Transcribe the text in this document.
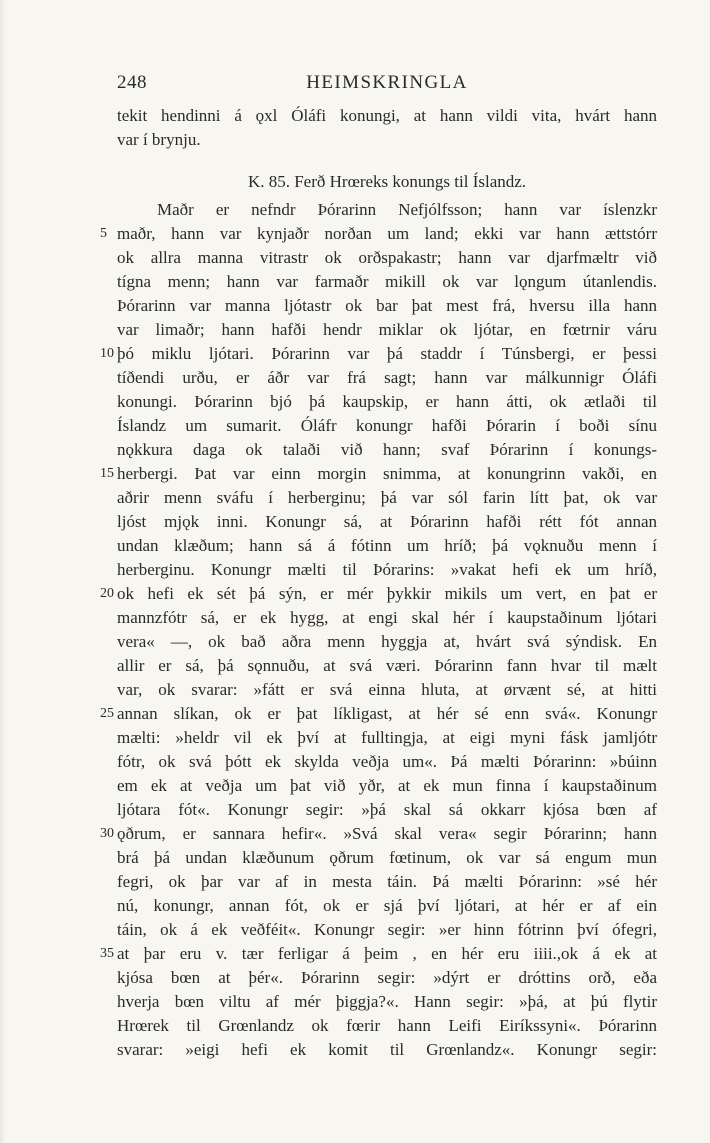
248	HEIMSKRINGLA
tekit hendinni á ǫxl Óláfi konungi, at hann vildi vita, hvárt hann
var í brynju.
K. 85. Ferð Hrœreks konungs til Íslandz.
Maðr er nefndr Þórarinn Nefjólfsson; hann var íslenzkr
maðr, hann var kynjaðr norðan um land; ekki var hann ættstórr
ok allra manna vitrastr ok orðspakastr; hann var djarfmæltr við
tígna menn; hann var farmaðr mikill ok var lǫngum útanlendis.
Þórarinn var manna ljótastr ok bar þat mest frá, hversu illa hann
var limaðr; hann hafði hendr miklar ok ljótar, en fœtrnir váru
þó miklu ljótari. Þórarinn var þá staddr í Túnsbergi, er þessi
tíðendi urðu, er áðr var frá sagt; hann var málkunnigr Óláfi
konungi. Þórarinn bjó þá kaupskip, er hann átti, ok ætlaði til
Íslandz um sumarit. Óláfr konungr hafði Þórarin í boði sínu
nǫkkura daga ok talaði við hann; svaf Þórarinn í konungs-
herbergi. Þat var einn morgin snimma, at konungrinn vakði, en
aðrir menn sváfu í herberginu; þá var sól farin lítt þat, ok var
ljóst mjǫk inni. Konungr sá, at Þórarinn hafði rétt fót annan
undan klæðum; hann sá á fótinn um hríð; þá vǫknuðu menn í
herberginu. Konungr mælti til Þórarins: »vakat hefi ek um hríð,
ok hefi ek sét þá sýn, er mér þykkir mikils um vert, en þat er
mannzfótr sá, er ek hygg, at engi skal hér í kaupstaðinum ljótari
vera« —, ok bað aðra menn hyggja at, hvárt svá sýndisk. En
allir er sá, þá sǫnnuðu, at svá væri. Þórarinn fann hvar til mælt
var, ok svarar: »fátt er svá einna hluta, at ørvænt sé, at hitti
annan slíkan, ok er þat líkligast, at hér sé enn svá«. Konungr
mælti: »heldr vil ek því at fulltingja, at eigi myni fásk jamljótr
fótr, ok svá þótt ek skylda veðja um«. Þá mælti Þórarinn: »búinn
em ek at veðja um þat við yðr, at ek mun finna í kaupstaðinum
ljótara fót«. Konungr segir: »þá skal sá okkarr kjósa bœn af
ǫðrum, er sannara hefir«. »Svá skal vera« segir Þórarinn; hann
brá þá undan klæðunum ǫðrum fœtinum, ok var sá engum mun
fegri, ok þar var af in mesta táin. Þá mælti Þórarinn: »sé hér
nú, konungr, annan fót, ok er sjá því ljótari, at hér er af ein
táin, ok á ek veðféit«. Konungr segir: »er hinn fótrinn því ófegri,
at þar eru v. tær ferligar á þeim , en hér eru iiii.,ok á ek at
kjósa bœn at þér«. Þórarinn segir: »dýrt er dróttins orð, eða
hverja bœn viltu af mér þiggja?«. Hann segir: »þá, at þú flytir
Hrœrek til Grœnlandz ok fœrir hann Leifi Eiríkssyni«. Þórarinn
svarar: »eigi hefi ek komit til Grœnlandz«. Konungr segir:
5
10
15
20
25
30
35
